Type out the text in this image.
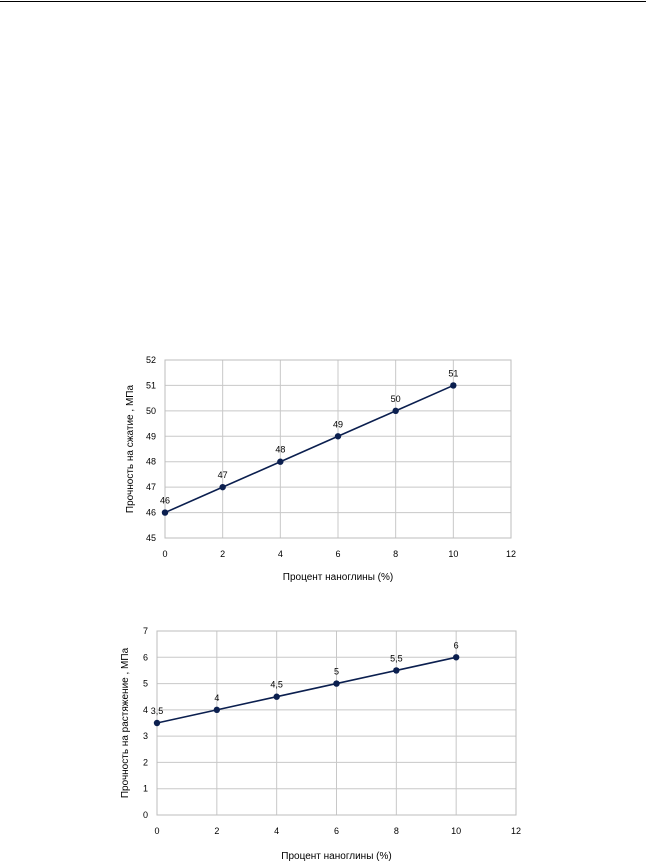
45
46
47
48
49
50
51
52
0	2	4	6	8	10	12
46
47
48
49
50
51
Процент наноглины (%)
Прочность на сжатие , МПа
0
1
2
3
4
5
6
7
0	2	4	6	8	10	12
3,5
4
4,5
5
5,5
6
Процент наноглины (%)
Прочность на растяжение , МПа
